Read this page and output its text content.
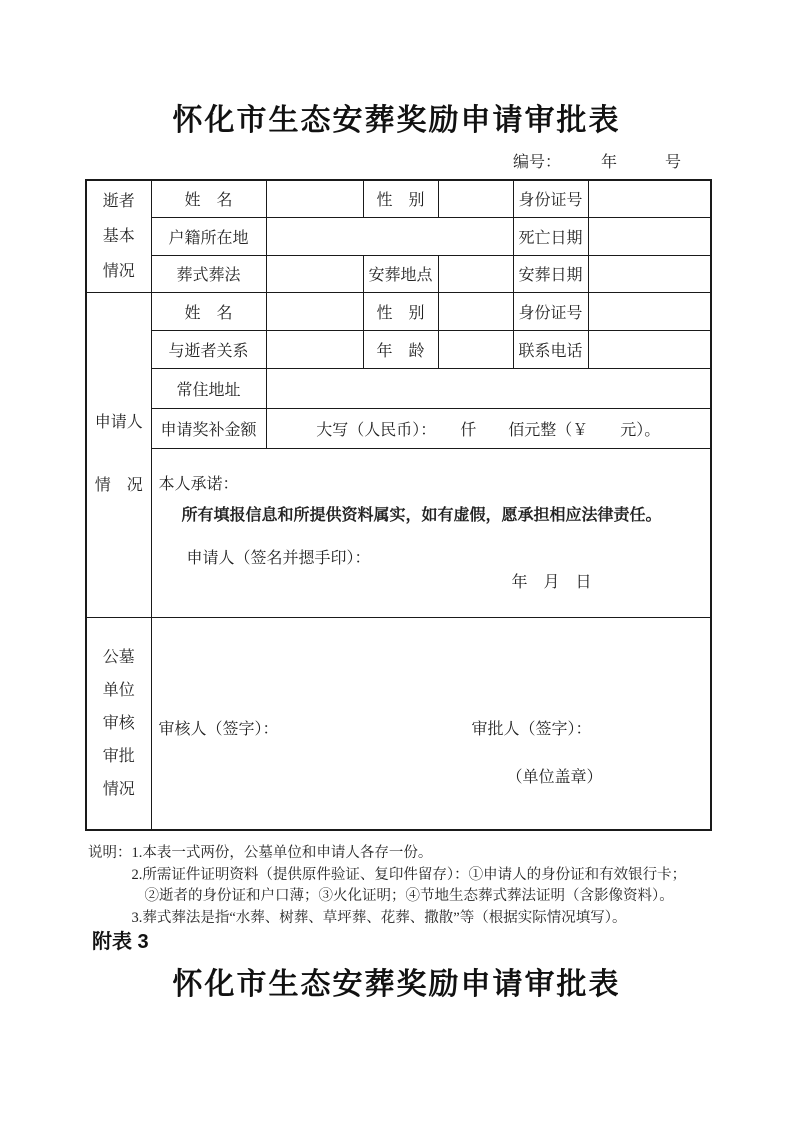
怀化市生态安葬奖励申请审批表
编号：　　　年　　　号
逝者
基本
情况	姓　名		性　别		身份证号	
	户籍所在地				死亡日期	
	葬式葬法		安葬地点		安葬日期	

申请人
情　况	姓　名		性　别		身份证号	
	与逝者关系		年　龄		联系电话	
	常住地址					
	申请奖补金额	大写（人民币）：　　仟　　佰元整（￥　　元）。				

	本人承诺：
所有填报信息和所提供资料属实，如有虚假，愿承担相应法律责任。
申请人（签名并摁手印）：
年　月　日					

公墓
单位
审核
审批
情况

审核人（签字）：	审批人（签字）：
（单位盖章）
说明： 1.本表一式两份，公墓单位和申请人各存一份。
2.所需证件证明资料（提供原件验证、复印件留存）：①申请人的身份证和有效银行卡；
②逝者的身份证和户口薄；③火化证明；④节地生态葬式葬法证明（含影像资料）。
3.葬式葬法是指“水葬、树葬、草坪葬、花葬、撒散”等（根据实际情况填写）。
附表 3
怀化市生态安葬奖励申请审批表
